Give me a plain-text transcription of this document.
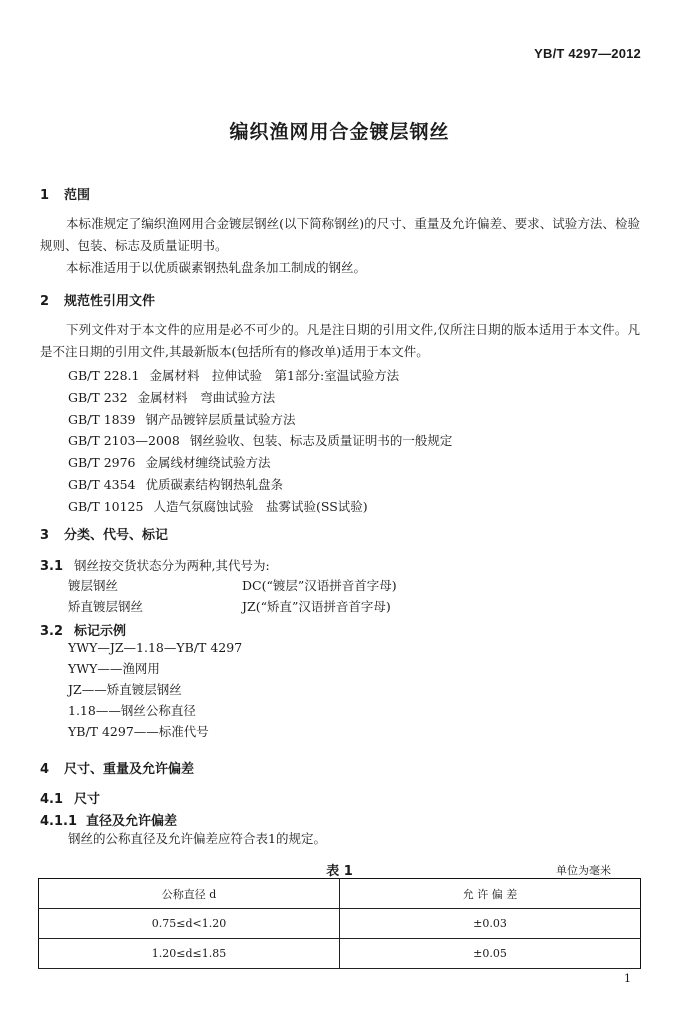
YB/T 4297—2012
编织渔网用合金镀层钢丝
1 范围
本标准规定了编织渔网用合金镀层钢丝(以下简称钢丝)的尺寸、重量及允许偏差、要求、试验方法、检验规则、包装、标志及质量证明书。
本标准适用于以优质碳素钢热轧盘条加工制成的钢丝。
2 规范性引用文件
下列文件对于本文件的应用是必不可少的。凡是注日期的引用文件,仅所注日期的版本适用于本文件。凡是不注日期的引用文件,其最新版本(包括所有的修改单)适用于本文件。
GB/T 228.1 金属材料　拉伸试验　第1部分:室温试验方法
GB/T 232 金属材料　弯曲试验方法
GB/T 1839 钢产品镀锌层质量试验方法
GB/T 2103—2008 钢丝验收、包装、标志及质量证明书的一般规定
GB/T 2976 金属线材缠绕试验方法
GB/T 4354 优质碳素结构钢热轧盘条
GB/T 10125 人造气氛腐蚀试验　盐雾试验(SS试验)
3 分类、代号、标记
3.1 钢丝按交货状态分为两种,其代号为:
镀层钢丝	DC(“镀层”汉语拼音首字母)
矫直镀层钢丝	JZ(“矫直”汉语拼音首字母)
3.2 标记示例
YWY—JZ—1.18—YB/T 4297
YWY——渔网用
JZ——矫直镀层钢丝
1.18——钢丝公称直径
YB/T 4297——标准代号
4 尺寸、重量及允许偏差
4.1 尺寸
4.1.1 直径及允许偏差
钢丝的公称直径及允许偏差应符合表1的规定。
表 1	单位为毫米
公称直径 d	允 许 偏 差
0.75≤d<1.20	±0.03
1.20≤d≤1.85	±0.05
1
